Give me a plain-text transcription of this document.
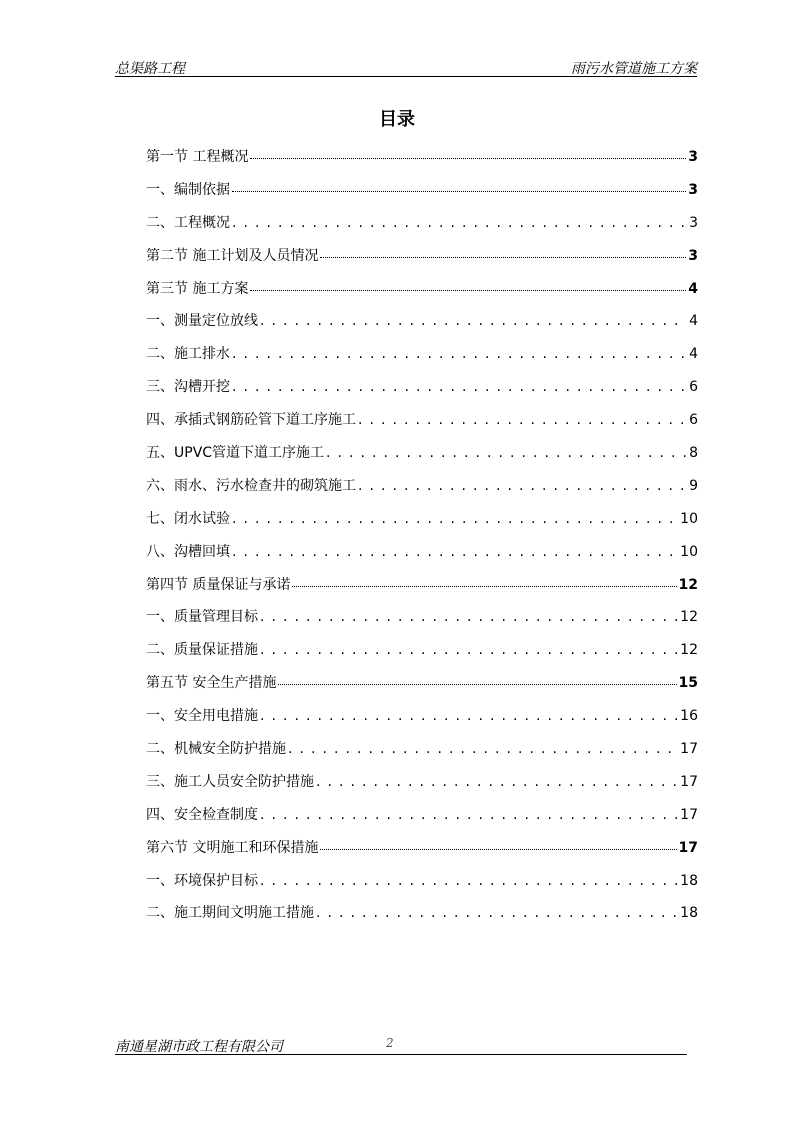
总渠路工程	雨污水管道施工方案
目录
第一节 工程概况	3
一、编制依据	3
二、工程概况 . . .	3
第二节 施工计划及人员情况	3
第三节 施工方案	4
一、测量定位放线 . . .	4
二、施工排水 . . .	4
三、沟槽开挖 . . .	6
四、承插式钢筋砼管下道工序施工 . . .	6
五、UPVC管道下道工序施工 . . .	8
六、雨水、污水检查井的砌筑施工 . . .	9
七、闭水试验 . . .	10
八、沟槽回填 . . .	10
第四节 质量保证与承诺	12
一、质量管理目标 . . .	12
二、质量保证措施 . . .	12
第五节 安全生产措施	15
一、安全用电措施 . . .	16
二、机械安全防护措施 . . .	17
三、施工人员安全防护措施 . . .	17
四、安全检查制度 . . .	17
第六节 文明施工和环保措施	17
一、环境保护目标 . . .	18
二、施工期间文明施工措施 . . .	18
南通星湖市政工程有限公司	2
